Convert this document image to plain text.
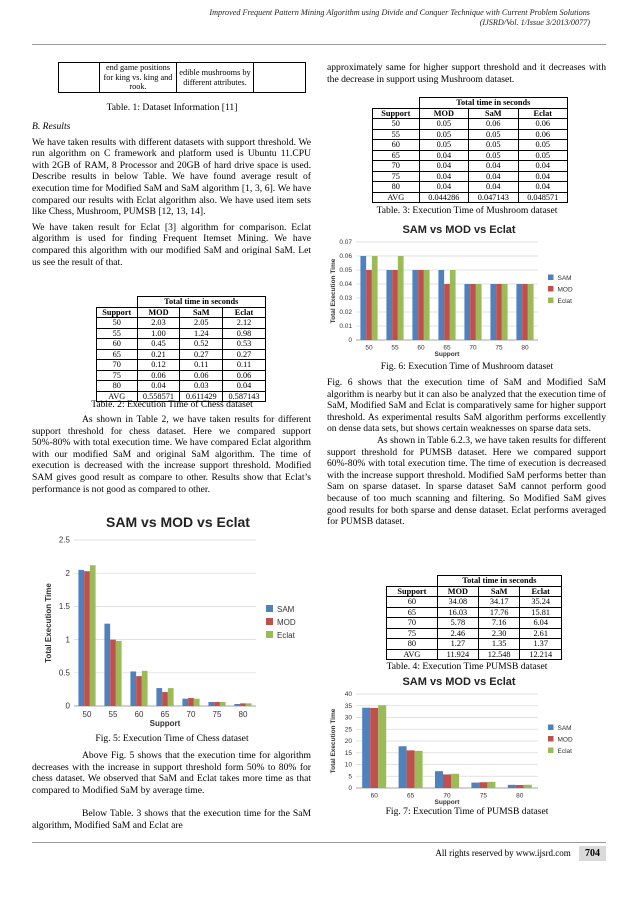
Improved Frequent Pattern Mining Algorithm using Divide and Conquer Technique with Current Problem Solutions
(IJSRD/Vol. 1/Issue 3/2013/0077)
	end game positions for king vs. king and rook.	edible mushrooms by different attributes.	
Table. 1: Dataset Information [11]

B. Results

We have taken results with different datasets with support threshold. We run algorithm on C framework and platform used is Ubuntu 11.CPU with 2GB of RAM, 8 Processor and 20GB of hard drive space is used. Describe results in below Table. We have found average result of execution time for Modified SaM and SaM algorithm [1, 3, 6]. We have compared our results with Eclat algorithm also. We have used item sets like Chess, Mushroom, PUMSB [12, 13, 14].

We have taken result for Eclat [3] algorithm for comparison. Eclat algorithm is used for finding Frequent Itemset Mining. We have compared this algorithm with our modified SaM and original SaM. Let us see the result of that.

	Total time in seconds		
Support	MOD	SaM	Eclat
50	2.03	2.05	2.12
55	1.00	1.24	0.98
60	0.45	0.52	0.53
65	0.21	0.27	0.27
70	0.12	0.11	0.11
75	0.06	0.06	0.06
80	0.04	0.03	0.04
AVG	0.558571	0.611429	0.587143
Table. 2: Execution Time of Chess dataset

As shown in Table 2, we have taken results for different support threshold for chess dataset. Here we compared support 50%-80% with total execution time. We have compared Eclat algorithm with our modified SaM and original SaM algorithm. The time of execution is decreased with the increase support threshold. Modified SAM gives good result as compare to other. Results show that Eclat’s performance is not good as compared to other.

SAM vs MOD vs Eclat
0
0.5
1
1.5
2
2.5
50 55 60 65 70 75 80
Support
Total Execution Time	SAM
MOD
Eclat
Fig. 5: Execution Time of Chess dataset

Above Fig. 5 shows that the execution time for algorithm decreases with the increase in support threshold form 50% to 80% for chess dataset. We observed that SaM and Eclat takes more time as that compared to Modified SaM by average time.

Below Table. 3 shows that the execution time for the SaM algorithm, Modified SaM and Eclat are

approximately same for higher support threshold and it decreases with the decrease in support using Mushroom dataset.

	Total time in seconds		
Support	MOD	SaM	Eclat
50	0.05	0.06	0.06
55	0.05	0.05	0.06
60	0.05	0.05	0.05
65	0.04	0.05	0.05
70	0.04	0.04	0.04
75	0.04	0.04	0.04
80	0.04	0.04	0.04
AVG	0.044286	0.047143	0.048571
Table. 3: Execution Time of Mushroom dataset
SAM vs MOD vs Eclat
0
0.01
0.02
0.03
0.04
0.05
0.06
0.07
50	55	60	65	70	75	80
Support
Total Execution Time	SAM
MOD
Eclat
Fig. 6: Execution Time of Mushroom dataset

Fig. 6 shows that the execution time of SaM and Modified SaM algorithm is nearby but it can also be analyzed that the execution time of SaM, Modified SaM and Eclat is comparatively same for higher support threshold. As experimental results SaM algorithm performs excellently on dense data sets, but shows certain weaknesses on sparse data sets.

As shown in Table 6.2.3, we have taken results for different support threshold for PUMSB dataset. Here we compared support 60%-80% with total execution time. The time of execution is decreased with the increase support threshold. Modified SaM performs better than Sam on sparse dataset. In sparse dataset SaM cannot perform good because of too much scanning and filtering. So Modified SaM gives good results for both sparse and dense dataset. Eclat performs averaged for PUMSB dataset.

	Total time in seconds		
Support	MOD	SaM	Eclat
60	34.08	34.17	35.24
65	16.03	17.76	15.81
70	5.78	7.16	6.04
75	2.46	2.30	2.61
80	1.27	1.35	1.37
AVG	11.924	12.548	12.214
Table. 4: Execution Time PUMSB dataset
SAM vs MOD vs Eclat
0
5
10
15
20
25
30
35
40
60	65	70	75	80
Support
Total Execution Time	SAM
MOD
Eclat
Fig. 7: Execution Time of PUMSB dataset
All rights reserved by www.ijsrd.com 704
